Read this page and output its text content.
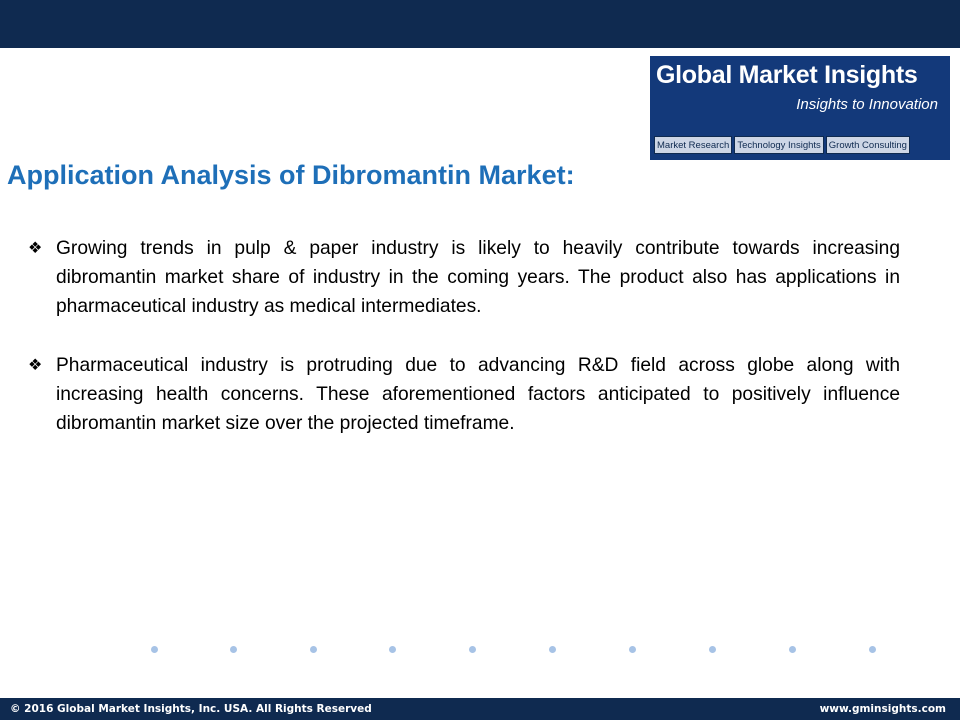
Global Market Insights
Insights to Innovation
Market Research Technology Insights Growth Consulting
Application Analysis of Dibromantin Market:
❖ Growing trends in pulp & paper industry is likely to heavily contribute towards increasing dibromantin market share of industry in the coming years. The product also has applications in pharmaceutical industry as medical intermediates.
❖ Pharmaceutical industry is protruding due to advancing R&D field across globe along with increasing health concerns. These aforementioned factors anticipated to positively influence dibromantin market size over the projected timeframe.
© 2016 Global Market Insights, Inc. USA. All Rights Reserved	www.gminsights.com
